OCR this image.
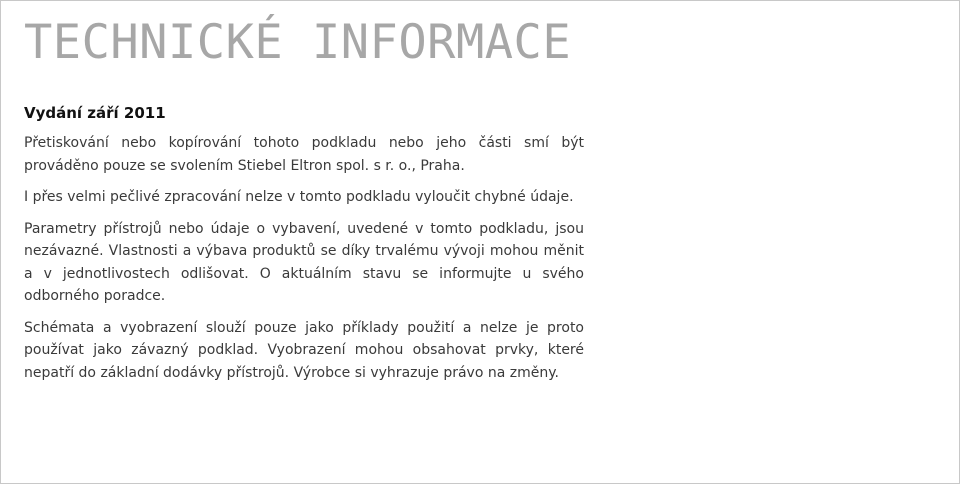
TECHNICKÉ INFORMACE

Vydání září 2011

Přetiskování nebo kopírování tohoto podkladu nebo jeho části smí být prováděno pouze se svolením Stiebel Eltron spol. s r. o., Praha.

I přes velmi pečlivé zpracování nelze v tomto podkladu vyloučit chybné údaje.

Parametry přístrojů nebo údaje o vybavení, uvedené v tomto podkladu, jsou nezávazné. Vlastnosti a výbava produktů se díky trvalému vývoji mohou měnit a v jednotlivostech odlišovat. O aktuálním stavu se informujte u svého odborného poradce.

Schémata a vyobrazení slouží pouze jako příklady použití a nelze je proto používat jako závazný podklad. Vyobrazení mohou obsahovat prvky, které nepatří do základní dodávky přístrojů. Výrobce si vyhrazuje právo na změny.
